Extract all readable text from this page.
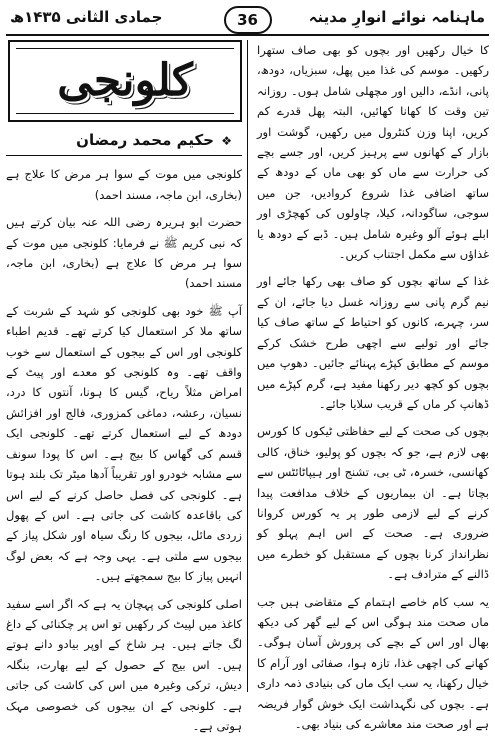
ماہنامہ نوائے انوارِ مدینہ
36
جمادی الثانی ۱۴۳۵ھ

کا خیال رکھیں اور بچوں کو بھی صاف ستھرا رکھیں۔ موسم کی غذا میں پھل، سبزیاں، دودھ، پانی، انڈے، دالیں اور مچھلی شامل ہوں۔ روزانہ تین وقت کا کھانا کھائیں، البتہ پھل قدرے کم کریں، اپنا وزن کنٹرول میں رکھیں، گوشت اور بازار کے کھانوں سے پرہیز کریں، اور جسے بچے کی حرارت سے ماں کو بھی ماں کے دودھ کے ساتھ اضافی غذا شروع کروادیں، جن میں سوجی، ساگودانہ، کیلا، چاولوں کی کھچڑی اور ابلے ہوئے آلو وغیرہ شامل ہیں۔ ڈبے کے دودھ یا غذاؤں سے مکمل اجتناب کریں۔

غذا کے ساتھ بچوں کو صاف بھی رکھا جائے اور نیم گرم پانی سے روزانہ غسل دیا جائے، ان کے سر، چہرے، کانوں کو احتیاط کے ساتھ صاف کیا جائے اور تولیے سے اچھی طرح خشک کرکے موسم کے مطابق کپڑے پہنائے جائیں۔ دھوپ میں بچوں کو کچھ دیر رکھنا مفید ہے، گرم کپڑے میں ڈھانپ کر ماں کے قریب سلایا جائے۔

بچوں کی صحت کے لیے حفاظتی ٹیکوں کا کورس بھی لازم ہے، جو کہ بچوں کو پولیو، خناق، کالی کھانسی، خسرہ، ٹی بی، تشنج اور ہیپاٹائٹس سے بچاتا ہے۔ ان بیماریوں کے خلاف مدافعت پیدا کرنے کے لیے لازمی طور پر یہ کورس کروانا ضروری ہے۔ صحت کے اس اہم پہلو کو نظرانداز کرنا بچوں کے مستقبل کو خطرے میں ڈالنے کے مترادف ہے۔

یہ سب کام خاصے اہتمام کے متقاضی ہیں جب ماں صحت مند ہوگی اس کے لیے گھر کی دیکھ بھال اور اس کے بچے کی پرورش آسان ہوگی۔ کھانے کی اچھی غذا، تازہ ہوا، صفائی اور آرام کا خیال رکھنا، یہ سب ایک ماں کی بنیادی ذمہ داری ہے۔ بچوں کی نگہداشت ایک خوش گوار فریضہ ہے اور صحت مند معاشرے کی بنیاد بھی۔

کلونجی
❖ حکیم محمد رمضان

کلونجی میں موت کے سوا ہر مرض کا علاج ہے (بخاری، ابن ماجہ، مسند احمد)

حضرت ابو ہریرہ رضی اللہ عنہ بیان کرتے ہیں کہ نبی کریم ﷺ نے فرمایا: کلونجی میں موت کے سوا ہر مرض کا علاج ہے (بخاری، ابن ماجہ، مسند احمد)

آپ ﷺ خود بھی کلونجی کو شہد کے شربت کے ساتھ ملا کر استعمال کیا کرتے تھے۔ قدیم اطباء کلونجی اور اس کے بیجوں کے استعمال سے خوب واقف تھے۔ وہ کلونجی کو معدے اور پیٹ کے امراض مثلاً ریاح، گیس کا ہونا، آنتوں کا درد، نسیان، رعشہ، دماغی کمزوری، فالج اور افزائش دودھ کے لیے استعمال کرتے تھے۔ کلونجی ایک قسم کی گھاس کا بیج ہے۔ اس کا پودا سونف سے مشابہ خودرو اور تقریباً آدھا میٹر تک بلند ہوتا ہے۔ کلونجی کی فصل حاصل کرنے کے لیے اس کی باقاعدہ کاشت کی جاتی ہے۔ اس کے پھول زردی مائل، بیجوں کا رنگ سیاہ اور شکل پیاز کے بیجوں سے ملتی ہے۔ یہی وجہ ہے کہ بعض لوگ انہیں پیاز کا بیج سمجھتے ہیں۔

اصلی کلونجی کی پہچان یہ ہے کہ اگر اسے سفید کاغذ میں لپیٹ کر رکھیں تو اس پر چکنائی کے داغ لگ جاتے ہیں۔ ہر شاخ کے اوپر بیادو دانے ہوتے ہیں۔ اس بیج کے حصول کے لیے بھارت، بنگلہ دیش، ترکی وغیرہ میں اس کی کاشت کی جاتی ہے۔ کلونجی کے ان بیجوں کی خصوصی مہک ہوتی ہے۔
